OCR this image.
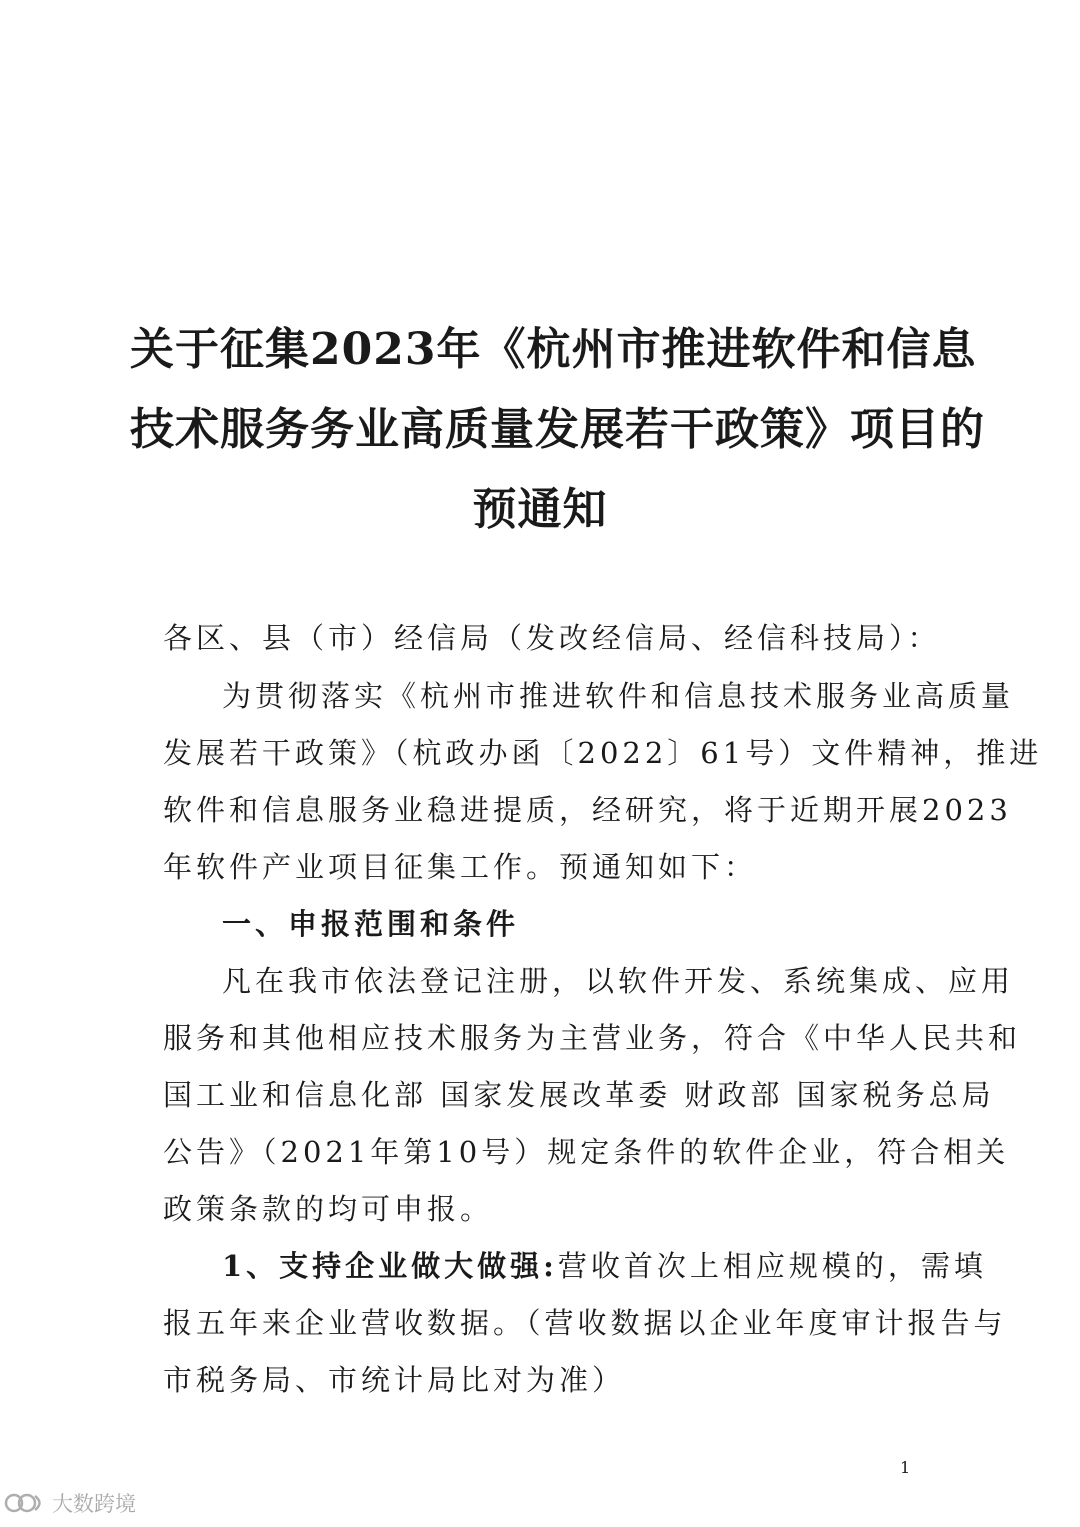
关于征集2023年《杭州市推进软件和信息
技术服务务业高质量发展若干政策》项目的
预通知
各区、县（市）经信局（发改经信局、经信科技局）：
为贯彻落实《杭州市推进软件和信息技术服务业高质量
发展若干政策》（杭政办函〔2022〕61号）文件精神，推进
软件和信息服务业稳进提质，经研究，将于近期开展2023
年软件产业项目征集工作。预通知如下：
一、申报范围和条件
凡在我市依法登记注册，以软件开发、系统集成、应用
服务和其他相应技术服务为主营业务，符合《中华人民共和
国工业和信息化部 国家发展改革委 财政部 国家税务总局
公告》（2021年第10号）规定条件的软件企业，符合相关
政策条款的均可申报。
1、支持企业做大做强:营收首次上相应规模的，需填
报五年来企业营收数据。（营收数据以企业年度审计报告与
市税务局、市统计局比对为准）
1
大数跨境
